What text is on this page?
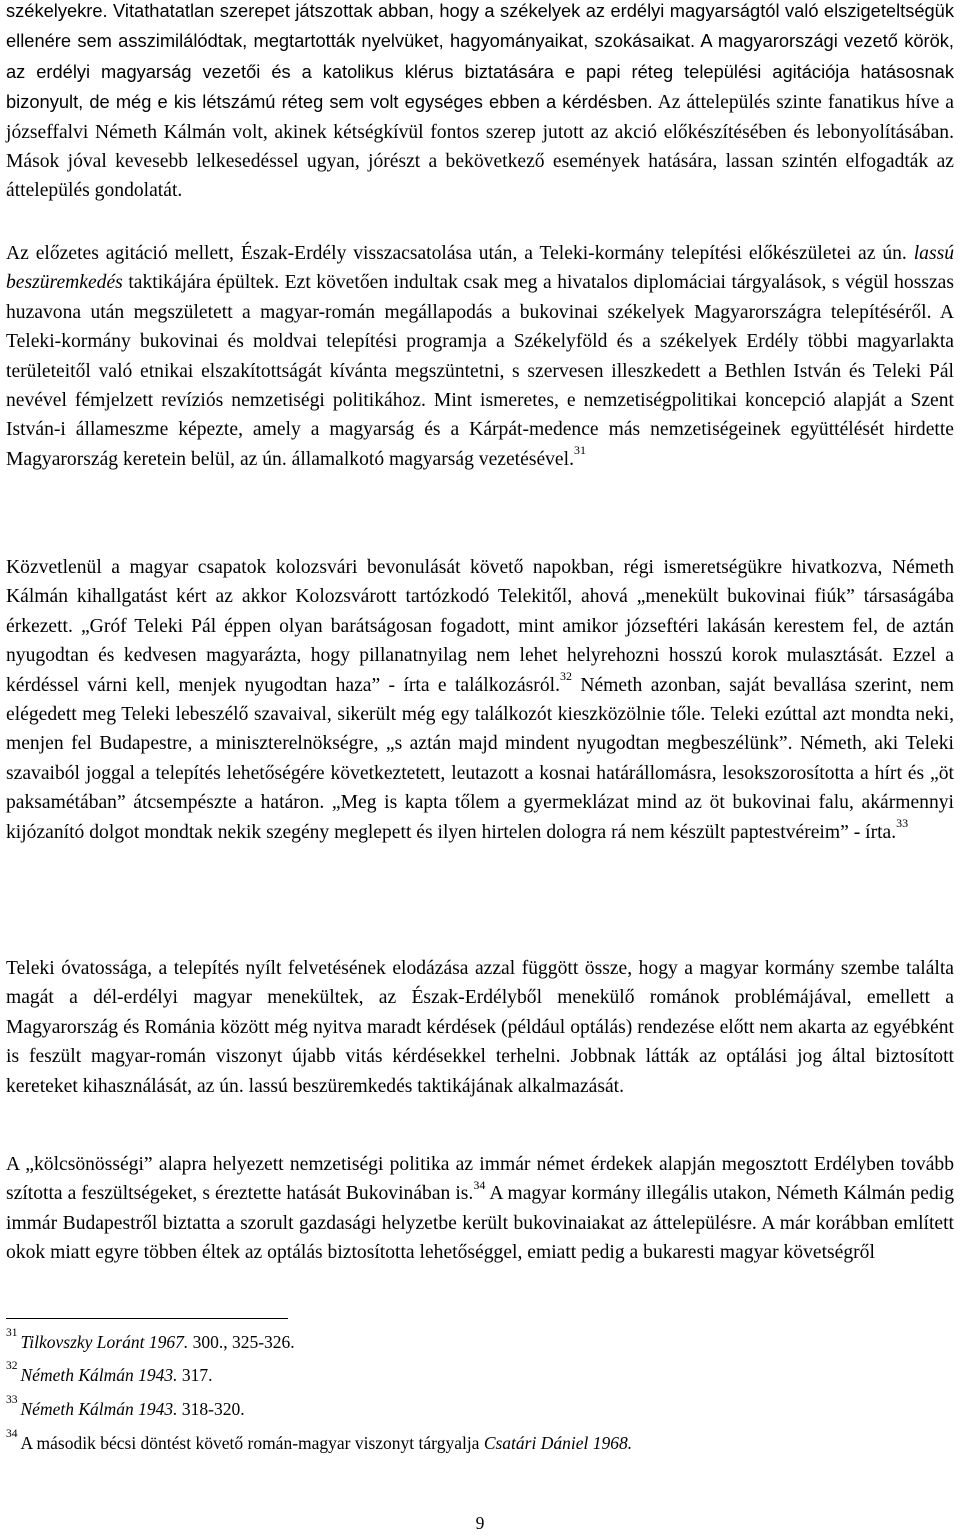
székelyekre. Vitathatatlan szerepet játszottak abban, hogy a székelyek az erdélyi magyarságtól való elszigeteltségük ellenére sem asszimilálódtak, megtartották nyelvüket, hagyományaikat, szokásaikat. A magyarországi vezető körök, az erdélyi magyarság vezetői és a katolikus klérus biztatására e papi réteg települési agitációja hatásosnak bizonyult, de még e kis létszámú réteg sem volt egységes ebben a kérdésben. Az áttelepülés szinte fanatikus híve a józseffalvi Németh Kálmán volt, akinek kétségkívül fontos szerep jutott az akció előkészítésében és lebonyolításában. Mások jóval kevesebb lelkesedéssel ugyan, jórészt a bekövetkező események hatására, lassan szintén elfogadták az áttelepülés gondolatát.

Az előzetes agitáció mellett, Észak-Erdély visszacsatolása után, a Teleki-kormány telepítési előkészületei az ún. lassú beszüremkedés taktikájára épültek. Ezt követően indultak csak meg a hivatalos diplomáciai tárgyalások, s végül hosszas huzavona után megszületett a magyar-román megállapodás a bukovinai székelyek Magyarországra telepítéséről. A Teleki-kormány bukovinai és moldvai telepítési programja a Székelyföld és a székelyek Erdély többi magyarlakta területeitől való etnikai elszakítottságát kívánta megszüntetni, s szervesen illeszkedett a Bethlen István és Teleki Pál nevével fémjelzett revíziós nemzetiségi politikához. Mint ismeretes, e nemzetiségpolitikai koncepció alapját a Szent István-i állameszme képezte, amely a magyarság és a Kárpát-medence más nemzetiségeinek együttélését hirdette Magyarország keretein belül, az ún. államalkotó magyarság vezetésével.$^{31}$

Közvetlenül a magyar csapatok kolozsvári bevonulását követő napokban, régi ismeretségükre hivatkozva, Németh Kálmán kihallgatást kért az akkor Kolozsvárott tartózkodó Telekitől, ahová „menekült bukovinai fiúk” társaságába érkezett. „Gróf Teleki Pál éppen olyan barátságosan fogadott, mint amikor józseftéri lakásán kerestem fel, de aztán nyugodtan és kedvesen magyarázta, hogy pillanatnyilag nem lehet helyrehozni hosszú korok mulasztását. Ezzel a kérdéssel várni kell, menjek nyugodtan haza” - írta e találkozásról.$^{32}$ Németh azonban, saját bevallása szerint, nem elégedett meg Teleki lebeszélő szavaival, sikerült még egy találkozót kieszközölnie tőle. Teleki ezúttal azt mondta neki, menjen fel Budapestre, a miniszterelnökségre, „s aztán majd mindent nyugodtan megbeszélünk”. Németh, aki Teleki szavaiból joggal a telepítés lehetőségére következtetett, leutazott a kosnai határállomásra, lesokszorosította a hírt és „öt paksamétában” átcsempészte a határon. „Meg is kapta tőlem a gyermeklázat mind az öt bukovinai falu, akármennyi kijózanító dolgot mondtak nekik szegény meglepett és ilyen hirtelen dologra rá nem készült paptestvéreim” - írta.$^{33}$

Teleki óvatossága, a telepítés nyílt felvetésének elodázása azzal függött össze, hogy a magyar kormány szembe találta magát a dél-erdélyi magyar menekültek, az Észak-Erdélyből menekülő románok problémájával, emellett a Magyarország és Románia között még nyitva maradt kérdések (például optálás) rendezése előtt nem akarta az egyébként is feszült magyar-román viszonyt újabb vitás kérdésekkel terhelni. Jobbnak látták az optálási jog által biztosított kereteket kihasználását, az ún. lassú beszüremkedés taktikájának alkalmazását.

A „kölcsönösségi” alapra helyezett nemzetiségi politika az immár német érdekek alapján megosztott Erdélyben tovább szította a feszültségeket, s éreztette hatását Bukovinában is.$^{34}$ A magyar kormány illegális utakon, Németh Kálmán pedig immár Budapestről biztatta a szorult gazdasági helyzetbe került bukovinaiakat az áttelepülésre. A már korábban említett okok miatt egyre többen éltek az optálás biztosította lehetőséggel, emiatt pedig a bukaresti magyar követségről

$^{31}$ Tilkovszky Loránt 1967. 300., 325-326.

$^{32}$ Németh Kálmán 1943. 317.

$^{33}$ Németh Kálmán 1943. 318-320.

$^{34}$ A második bécsi döntést követő román-magyar viszonyt tárgyalja Csatári Dániel 1968.

9
